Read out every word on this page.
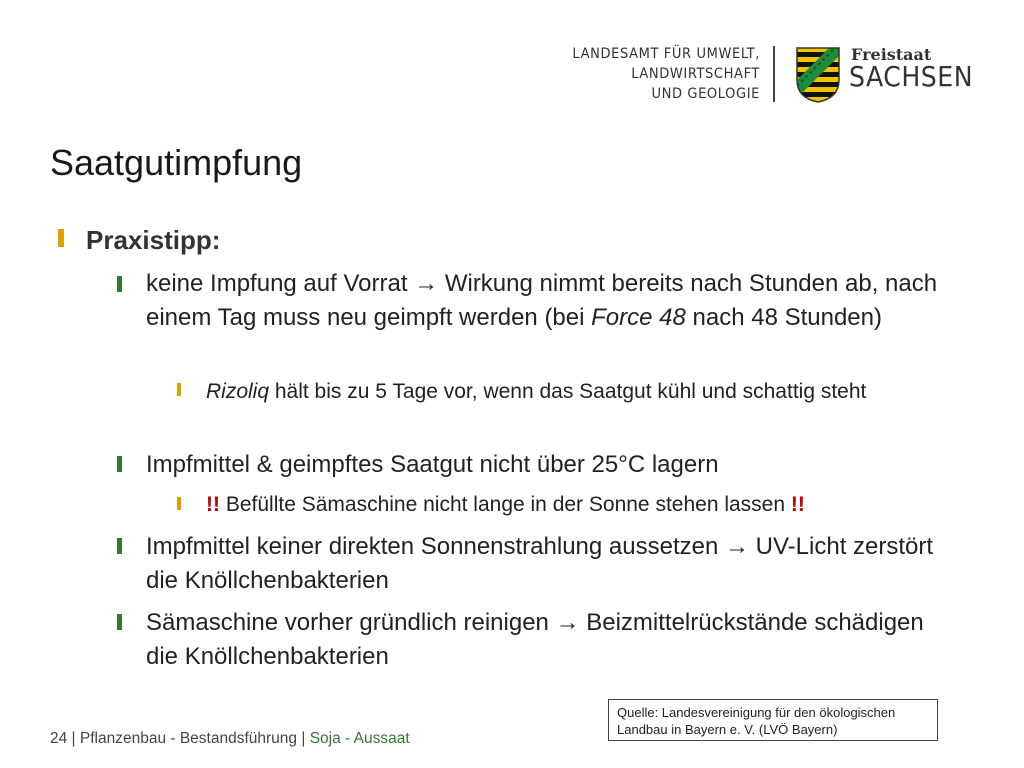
LANDESAMT FÜR UMWELT,
LANDWIRTSCHAFT
UND GEOLOGIE
Freistaat
SACHSEN
Saatgutimpfung
Praxistipp:
keine Impfung auf Vorrat → Wirkung nimmt bereits nach Stunden ab, nach einem Tag muss neu geimpft werden (bei Force 48 nach 48 Stunden)
Rizoliq hält bis zu 5 Tage vor, wenn das Saatgut kühl und schattig steht
Impfmittel & geimpftes Saatgut nicht über 25°C lagern
!! Befüllte Sämaschine nicht lange in der Sonne stehen lassen !!
Impfmittel keiner direkten Sonnenstrahlung aussetzen → UV-Licht zerstört die Knöllchenbakterien
Sämaschine vorher gründlich reinigen → Beizmittelrückstände schädigen die Knöllchenbakterien
Quelle: Landesvereinigung für den ökologischen Landbau in Bayern e. V. (LVÖ Bayern)
24 | Pflanzenbau - Bestandsführung | Soja - Aussaat
